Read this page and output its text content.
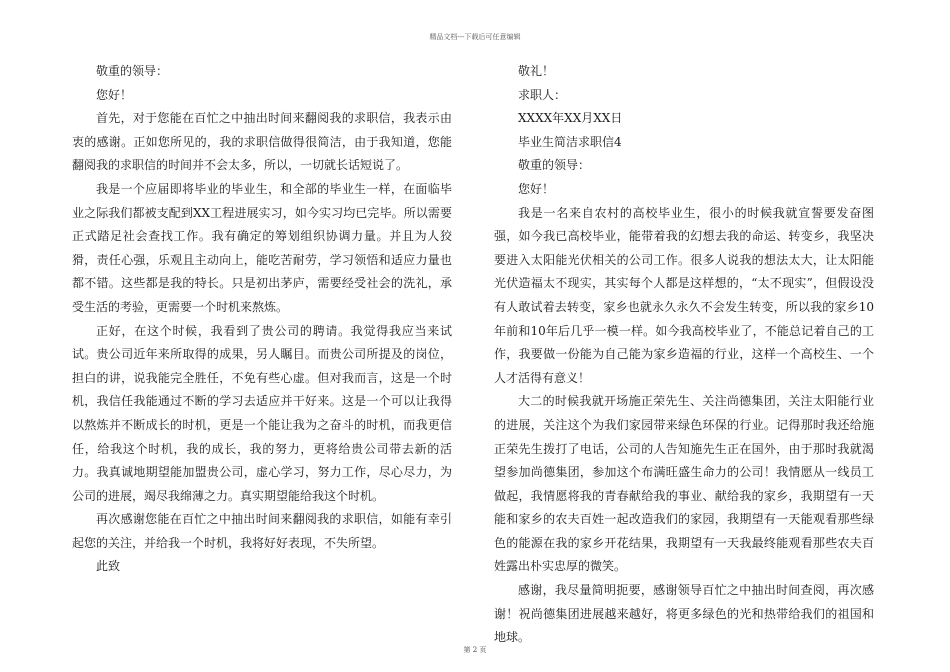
精品文档---下载后可任意编辑

敬重的领导：

您好！

首先，对于您能在百忙之中抽出时间来翻阅我的求职信，我表示由衷的感谢。正如您所见的，我的求职信做得很简洁，由于我知道，您能翻阅我的求职信的时间并不会太多，所以，一切就长话短说了。

我是一个应届即将毕业的毕业生，和全部的毕业生一样，在面临毕业之际我们都被支配到XX工程进展实习，如今实习均已完毕。所以需要正式踏足社会查找工作。我有确定的筹划组织协调力量。并且为人狡猾，责任心强，乐观且主动向上，能吃苦耐劳，学习领悟和适应力量也都不错。这些都是我的特长。只是初出茅庐，需要经受社会的洗礼，承受生活的考验，更需要一个时机来熬炼。

正好，在这个时候，我看到了贵公司的聘请。我觉得我应当来试试。贵公司近年来所取得的成果，另人瞩目。而贵公司所提及的岗位，担白的讲，说我能完全胜任，不免有些心虚。但对我而言，这是一个时机，我信任我能通过不断的学习去适应并干好来。这是一个可以让我得以熬炼并不断成长的时机，更是一个能让我为之奋斗的时机，而我更信任，给我这个时机，我的成长，我的努力，更将给贵公司带去新的活力。我真诚地期望能加盟贵公司，虚心学习，努力工作，尽心尽力，为公司的进展，竭尽我绵薄之力。真实期望能给我这个时机。

再次感谢您能在百忙之中抽出时间来翻阅我的求职信，如能有幸引起您的关注，并给我一个时机，我将好好表现，不失所望。

此致

敬礼！

求职人：

XXXX年XX月XX日

毕业生简洁求职信4

敬重的领导：

您好！

我是一名来自农村的高校毕业生，很小的时候我就宣誓要发奋图强，如今我已高校毕业，能带着我的幻想去我的命运、转变乡，我坚决要进入太阳能光伏相关的公司工作。很多人说我的想法太大，让太阳能光伏造福太不现实，其实每个人都是这样想的，“太不现实”，但假设没有人敢试着去转变，家乡也就永久永久不会发生转变，所以我的家乡10年前和10年后几乎一模一样。如今我高校毕业了，不能总记着自己的工作，我要做一份能为自己能为家乡造福的行业，这样一个高校生、一个人才活得有意义！

大二的时候我就开场施正荣先生、关注尚德集团，关注太阳能行业的进展，关注这个为我们家园带来绿色环保的行业。记得那时我还给施正荣先生拨打了电话，公司的人告知施先生正在国外，由于那时我就渴望参加尚德集团，参加这个布满旺盛生命力的公司！我情愿从一线员工做起，我情愿将我的青春献给我的事业、献给我的家乡，我期望有一天能和家乡的农夫百姓一起改造我们的家园，我期望有一天能观看那些绿色的能源在我的家乡开花结果，我期望有一天我最终能观看那些农夫百姓露出朴实忠厚的微笑。

感谢，我尽量简明扼要，感谢领导百忙之中抽出时间查阅，再次感谢！祝尚德集团进展越来越好，将更多绿色的光和热带给我们的祖国和地球。

第 2 页
